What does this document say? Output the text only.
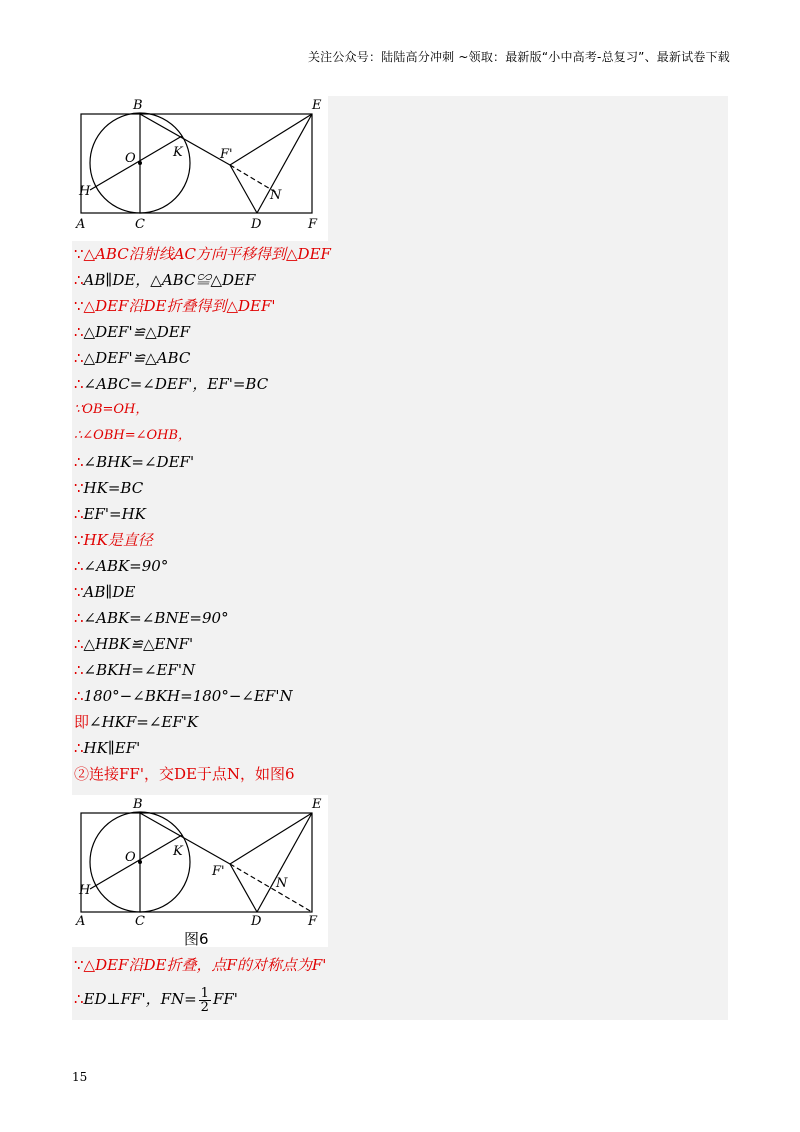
关注公众号：陆陆高分冲刺 ~领取：最新版“小中高考-总复习”、最新试卷下载
B	E
O	K	F'
H	N
A	C	D	F
∵△ABC沿射线AC方向平移得到△DEF
∴AB∥DE，△ABC≌△DEF
∵△DEF沿DE折叠得到△DEF'
∴△DEF'≌△DEF
∴△DEF'≌△ABC
∴∠ABC=∠DEF'，EF'=BC
∵OB=OH，
∴∠OBH=∠OHB，
∴∠BHK=∠DEF'
∵HK=BC
∴EF'=HK
∵HK是直径
∴∠ABK=90°
∵AB∥DE
∴∠ABK=∠BNE=90°
∴△HBK≌△ENF'
∴∠BKH=∠EF'N
∴180°−∠BKH=180°−∠EF'N
即∠HKF=∠EF'K
∴HK∥EF'
②连接FF'，交DE于点N，如图6
B	E
O	K
F'
H	N
A	C	D	F
图6
∵△DEF沿DE折叠，点F的对称点为F'
∴ED⊥FF'，$FN= \frac{1}{2} FF'$
15
